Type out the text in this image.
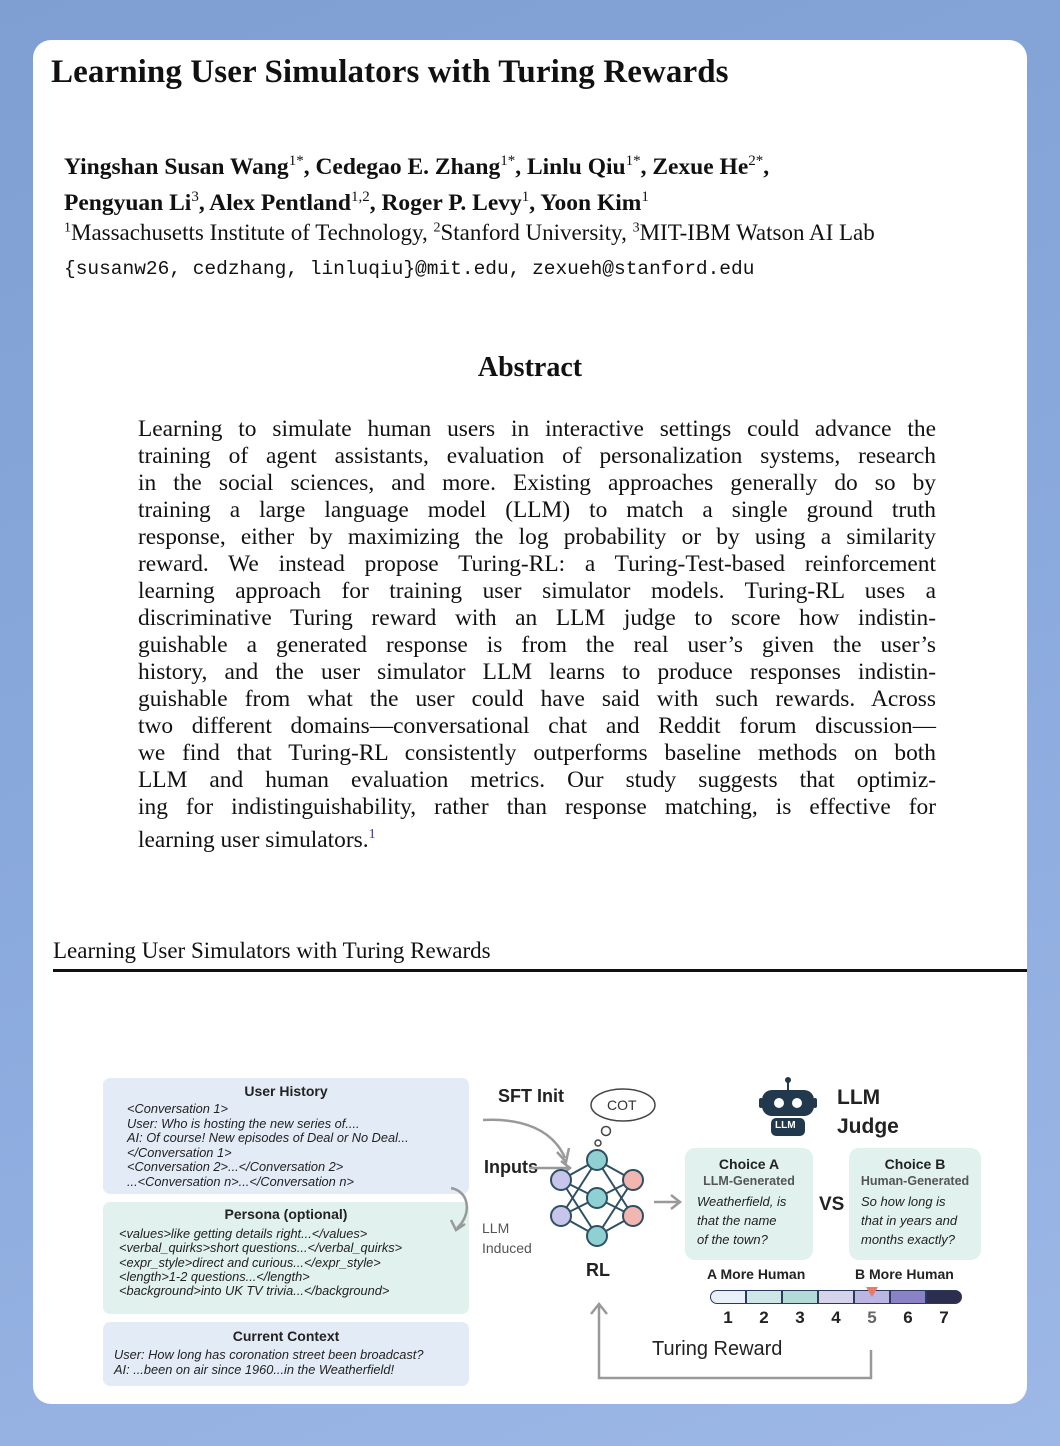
Learning User Simulators with Turing Rewards
Yingshan Susan Wang$^{1*}$, Cedegao E. Zhang$^{1*}$, Linlu Qiu$^{1*}$, Zexue $He^{2*}$,
Pengyuan Li$^3$, Alex Pentland$^{1,2}$, Roger P. Levy$^1$, Yoon Kim$^1$
$^1$Massachusetts Institute of Technology, $^2$Stanford University, $^3$MIT-IBM Watson AI Lab
{susanw26, cedzhang, linluqiu}@mit.edu, zexueh@stanford.edu
Abstract
Learning to simulate human users in interactive settings could advance the
training of agent assistants, evaluation of personalization systems, research
in the social sciences, and more. Existing approaches generally do so by
training a large language model (LLM) to match a single ground truth
response, either by maximizing the log probability or by using a similarity
reward. We instead propose Turing-RL: a Turing-Test-based reinforcement
learning approach for training user simulator models. Turing-RL uses a
discriminative Turing reward with an LLM judge to score how indistin-
guishable a generated response is from the real user’s given the user’s
history, and the user simulator LLM learns to produce responses indistin-
guishable from what the user could have said with such rewards. Across
two different domains—conversational chat and Reddit forum discussion—
we find that Turing-RL consistently outperforms baseline methods on both
LLM and human evaluation metrics. Our study suggests that optimiz-
ing for indistinguishability, rather than response matching, is effective for
learning user simulators.$^1$
Learning User Simulators with Turing Rewards
User History
<Conversation 1>
User: Who is hosting the new series of....
AI: Of course! New episodes of Deal or No Deal...
</Conversation 1>
<Conversation 2>...</Conversation 2>
...<Conversation n>...</Conversation n>
Persona (optional)
<values>like getting details right...</values>
<verbal_quirks>short questions...</verbal_quirks>
<expr_style>direct and curious...</expr_style>
<length>1-2 questions...</length>
<background>into UK TV trivia...</background>
Current Context
User: How long has coronation street been broadcast?
AI: ...been on air since 1960...in the Weatherfield!
SFT Init
Inputs
LLM
Induced
RL
COT
LLM
LLM
Judge
Choice A
LLM-Generated
Weatherfield, is
that the name
of the town?
VS
Choice B
Human-Generated
So how long is
that in years and
months exactly?
A More Human	B More Human
1	2	3	4	5	6	7
Turing Reward
